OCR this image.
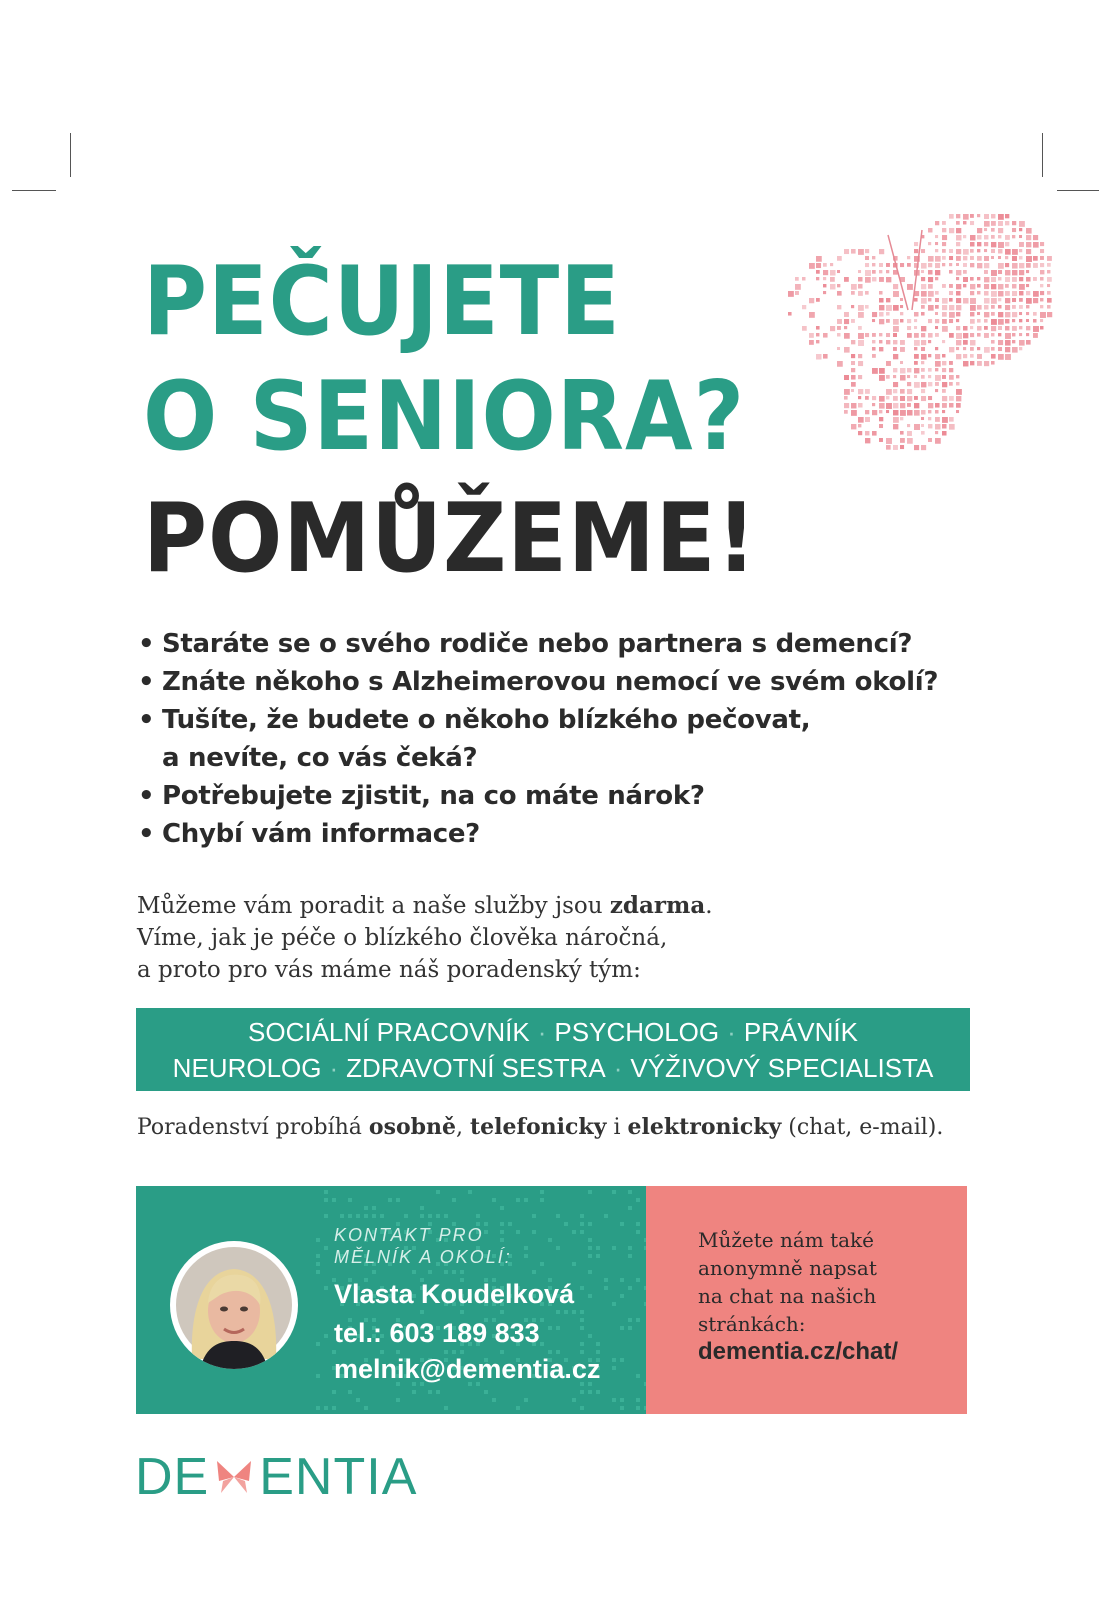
PEČUJETE
O SENIORA?
POMŮŽEME!
• Staráte se o svého rodiče nebo partnera s demencí?
• Znáte někoho s Alzheimerovou nemocí ve svém okolí?
• Tušíte, že budete o někoho blízkého pečovat,
a nevíte, co vás čeká?
• Potřebujete zjistit, na co máte nárok?
• Chybí vám informace?

Můžeme vám poradit a naše služby jsou zdarma.
Víme, jak je péče o blízkého člověka náročná,
a proto pro vás máme náš poradenský tým:

SOCIÁLNÍ PRACOVNÍK · PSYCHOLOG · PRÁVNÍK
NEUROLOG · ZDRAVOTNÍ SESTRA · VÝŽIVOVÝ SPECIALISTA

Poradenství probíhá osobně, telefonicky i elektronicky (chat, e-mail).

KONTAKT PRO
MĚLNÍK A OKOLÍ:
Vlasta Koudelková
tel.: 603 189 833
melnik@dementia.cz

Můžete nám také
anonymně napsat
na chat na našich
stránkách:

dementia.cz/chat/
DE ENTIA
